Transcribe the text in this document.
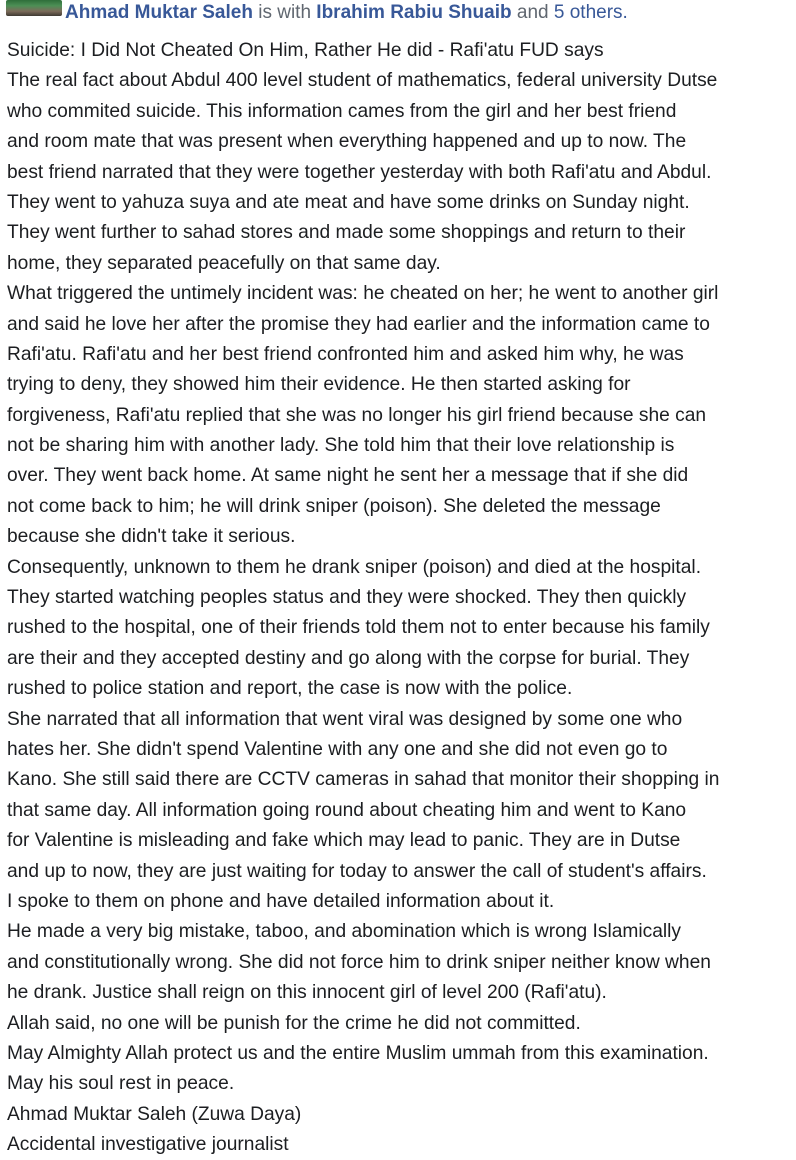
Ahmad Muktar Saleh is with Ibrahim Rabiu Shuaib and 5 others.
Suicide: I Did Not Cheated On Him, Rather He did - Rafi'atu FUD says
The real fact about Abdul 400 level student of mathematics, federal university Dutse
who commited suicide. This information cames from the girl and her best friend
and room mate that was present when everything happened and up to now. The
best friend narrated that they were together yesterday with both Rafi'atu and Abdul.
They went to yahuza suya and ate meat and have some drinks on Sunday night.
They went further to sahad stores and made some shoppings and return to their
home, they separated peacefully on that same day.
What triggered the untimely incident was: he cheated on her; he went to another girl
and said he love her after the promise they had earlier and the information came to
Rafi'atu. Rafi'atu and her best friend confronted him and asked him why, he was
trying to deny, they showed him their evidence. He then started asking for
forgiveness, Rafi'atu replied that she was no longer his girl friend because she can
not be sharing him with another lady. She told him that their love relationship is
over. They went back home. At same night he sent her a message that if she did
not come back to him; he will drink sniper (poison). She deleted the message
because she didn't take it serious.
Consequently, unknown to them he drank sniper (poison) and died at the hospital.
They started watching peoples status and they were shocked. They then quickly
rushed to the hospital, one of their friends told them not to enter because his family
are their and they accepted destiny and go along with the corpse for burial. They
rushed to police station and report, the case is now with the police.
She narrated that all information that went viral was designed by some one who
hates her. She didn't spend Valentine with any one and she did not even go to
Kano. She still said there are CCTV cameras in sahad that monitor their shopping in
that same day. All information going round about cheating him and went to Kano
for Valentine is misleading and fake which may lead to panic. They are in Dutse
and up to now, they are just waiting for today to answer the call of student's affairs.
I spoke to them on phone and have detailed information about it.
He made a very big mistake, taboo, and abomination which is wrong Islamically
and constitutionally wrong. She did not force him to drink sniper neither know when
he drank. Justice shall reign on this innocent girl of level 200 (Rafi'atu).
Allah said, no one will be punish for the crime he did not committed.
May Almighty Allah protect us and the entire Muslim ummah from this examination.
May his soul rest in peace.
Ahmad Muktar Saleh (Zuwa Daya)
Accidental investigative journalist
